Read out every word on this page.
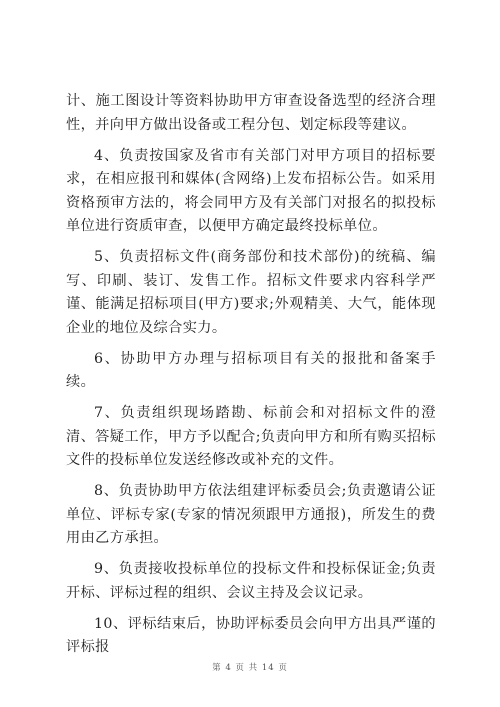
计、施工图设计等资料协助甲方审查设备选型的经济合理性，并向甲方做出设备或工程分包、划定标段等建议。

4、负责按国家及省市有关部门对甲方项目的招标要求，在相应报刊和媒体(含网络)上发布招标公告。如采用资格预审方法的，将会同甲方及有关部门对报名的拟投标单位进行资质审查，以便甲方确定最终投标单位。

5、负责招标文件(商务部份和技术部份)的统稿、编写、印刷、装订、发售工作。招标文件要求内容科学严谨、能满足招标项目(甲方)要求;外观精美、大气，能体现企业的地位及综合实力。

6、协助甲方办理与招标项目有关的报批和备案手续。

7、负责组织现场踏勘、标前会和对招标文件的澄清、答疑工作，甲方予以配合;负责向甲方和所有购买招标文件的投标单位发送经修改或补充的文件。

8、负责协助甲方依法组建评标委员会;负责邀请公证单位、评标专家(专家的情况须跟甲方通报)，所发生的费用由乙方承担。

9、负责接收投标单位的投标文件和投标保证金;负责开标、评标过程的组织、会议主持及会议记录。

10、评标结束后，协助评标委员会向甲方出具严谨的评标报

第 4 页 共 14 页
